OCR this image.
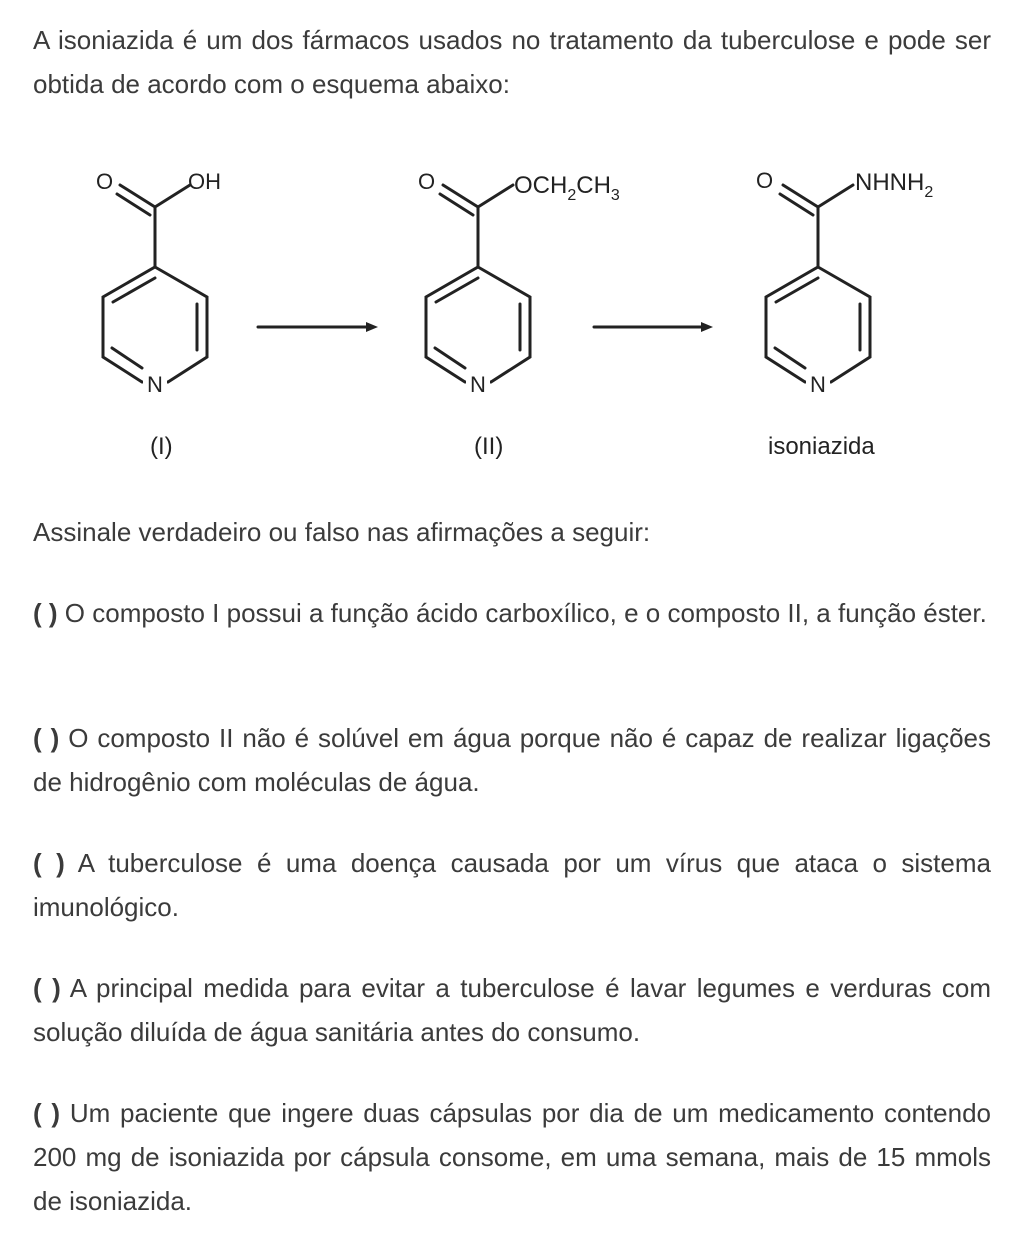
A isoniazida é um dos fármacos usados no tratamento da tuberculose e pode ser obtida de acordo com o esquema abaixo:

N
O	OH
N
O	$OCH_2CH_3$
N
O	$NHNH_2$
(I)	(II)	isoniazida

Assinale verdadeiro ou falso nas afirmações a seguir:

( ) O composto I possui a função ácido carboxílico, e o composto II, a função éster.

( ) O composto II não é solúvel em água porque não é capaz de realizar ligações de hidrogênio com moléculas de água.

( ) A tuberculose é uma doença causada por um vírus que ataca o sistema imunológico.

( ) A principal medida para evitar a tuberculose é lavar legumes e verduras com solução diluída de água sanitária antes do consumo.

( ) Um paciente que ingere duas cápsulas por dia de um medicamento contendo 200 mg de isoniazida por cápsula consome, em uma semana, mais de 15 mmols de isoniazida.
